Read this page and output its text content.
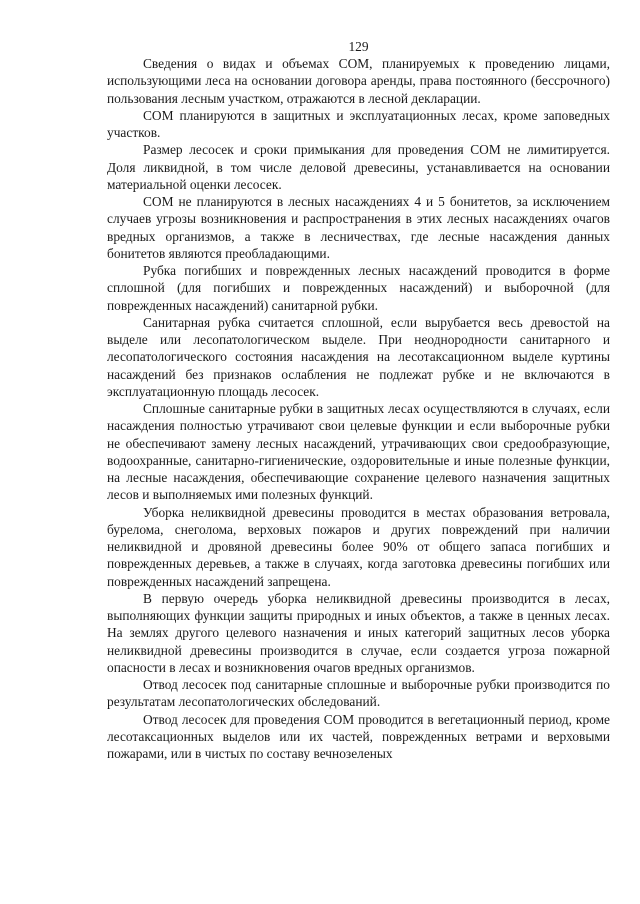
129

Сведения о видах и объемах СОМ, планируемых к проведению лицами, использующими леса на основании договора аренды, права постоянного (бессрочного) пользования лесным участком, отражаются в лесной декларации.

СОМ планируются в защитных и эксплуатационных лесах, кроме заповедных участков.

Размер лесосек и сроки примыкания для проведения СОМ не лимитируется. Доля ликвидной, в том числе деловой древесины, устанавливается на основании материальной оценки лесосек.

СОМ не планируются в лесных насаждениях 4 и 5 бонитетов, за исключением случаев угрозы возникновения и распространения в этих лесных насаждениях очагов вредных организмов, а также в лесничествах, где лесные насаждения данных бонитетов являются преобладающими.

Рубка погибших и поврежденных лесных насаждений проводится в форме сплошной (для погибших и поврежденных насаждений) и выборочной (для поврежденных насаждений) санитарной рубки.

Санитарная рубка считается сплошной, если вырубается весь древостой на выделе или лесопатологическом выделе. При неоднородности санитарного и лесопатологического состояния насаждения на лесотаксационном выделе куртины насаждений без признаков ослабления не подлежат рубке и не включаются в эксплуатационную площадь лесосек.

Сплошные санитарные рубки в защитных лесах осуществляются в случаях, если насаждения полностью утрачивают свои целевые функции и если выборочные рубки не обеспечивают замену лесных насаждений, утрачивающих свои средообразующие, водоохранные, санитарно-гигиенические, оздоровительные и иные полезные функции, на лесные насаждения, обеспечивающие сохранение целевого назначения защитных лесов и выполняемых ими полезных функций.

Уборка неликвидной древесины проводится в местах образования ветровала, бурелома, снеголома, верховых пожаров и других повреждений при наличии неликвидной и дровяной древесины более 90% от общего запаса погибших и поврежденных деревьев, а также в случаях, когда заготовка древесины погибших или поврежденных насаждений запрещена.

В первую очередь уборка неликвидной древесины производится в лесах, выполняющих функции защиты природных и иных объектов, а также в ценных лесах. На землях другого целевого назначения и иных категорий защитных лесов уборка неликвидной древесины производится в случае, если создается угроза пожарной опасности в лесах и возникновения очагов вредных организмов.

Отвод лесосек под санитарные сплошные и выборочные рубки производится по результатам лесопатологических обследований.

Отвод лесосек для проведения СОМ проводится в вегетационный период, кроме лесотаксационных выделов или их частей, поврежденных ветрами и верховыми пожарами, или в чистых по составу вечнозеленых
